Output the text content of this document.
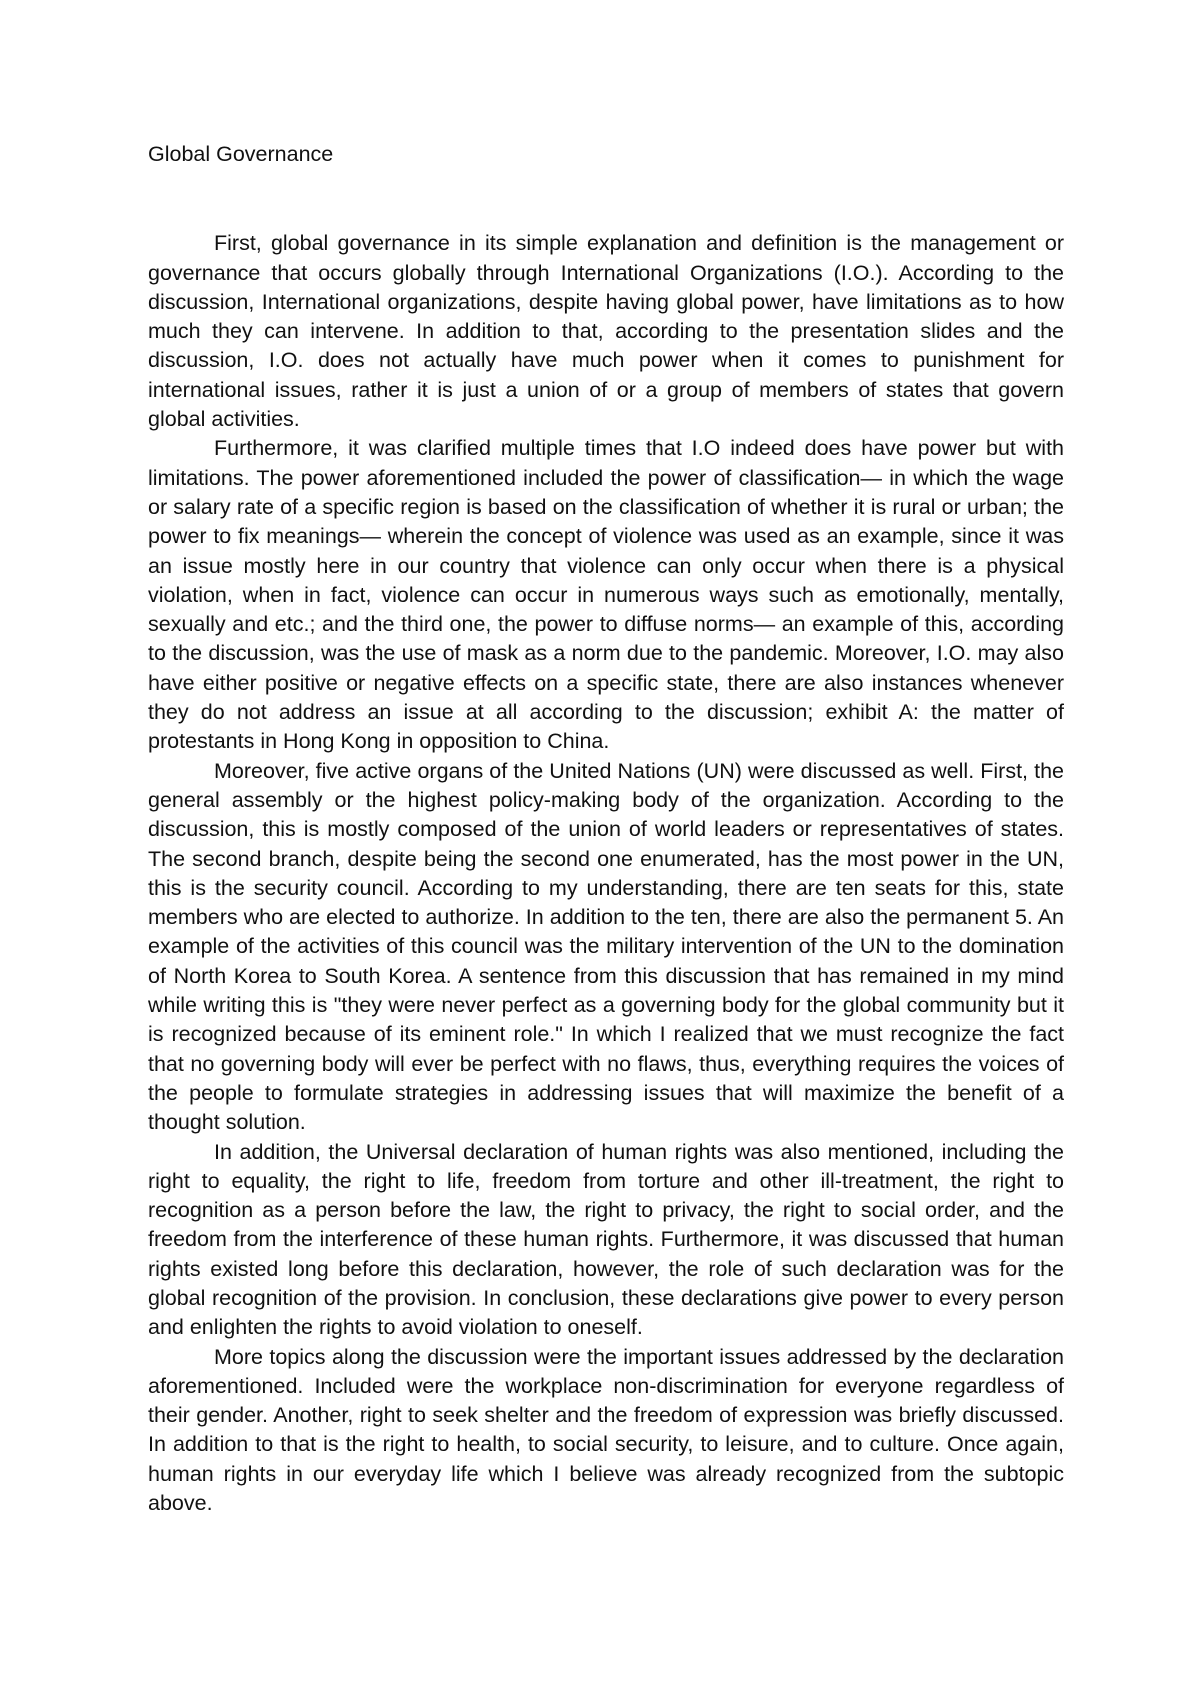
Global Governance

First, global governance in its simple explanation and definition is the management or governance that occurs globally through International Organizations (I.O.). According to the discussion, International organizations, despite having global power, have limitations as to how much they can intervene. In addition to that, according to the presentation slides and the discussion, I.O. does not actually have much power when it comes to punishment for international issues, rather it is just a union of or a group of members of states that govern global activities.

Furthermore, it was clarified multiple times that I.O indeed does have power but with limitations. The power aforementioned included the power of classification— in which the wage or salary rate of a specific region is based on the classification of whether it is rural or urban; the power to fix meanings— wherein the concept of violence was used as an example, since it was an issue mostly here in our country that violence can only occur when there is a physical violation, when in fact, violence can occur in numerous ways such as emotionally, mentally, sexually and etc.; and the third one, the power to diffuse norms— an example of this, according to the discussion, was the use of mask as a norm due to the pandemic. Moreover, I.O. may also have either positive or negative effects on a specific state, there are also instances whenever they do not address an issue at all according to the discussion; exhibit A: the matter of protestants in Hong Kong in opposition to China.

Moreover, five active organs of the United Nations (UN) were discussed as well. First, the general assembly or the highest policy-making body of the organization. According to the discussion, this is mostly composed of the union of world leaders or representatives of states. The second branch, despite being the second one enumerated, has the most power in the UN, this is the security council. According to my understanding, there are ten seats for this, state members who are elected to authorize. In addition to the ten, there are also the permanent 5. An example of the activities of this council was the military intervention of the UN to the domination of North Korea to South Korea. A sentence from this discussion that has remained in my mind while writing this is "they were never perfect as a governing body for the global community but it is recognized because of its eminent role." In which I realized that we must recognize the fact that no governing body will ever be perfect with no flaws, thus, everything requires the voices of the people to formulate strategies in addressing issues that will maximize the benefit of a thought solution.

In addition, the Universal declaration of human rights was also mentioned, including the right to equality, the right to life, freedom from torture and other ill-treatment, the right to recognition as a person before the law, the right to privacy, the right to social order, and the freedom from the interference of these human rights. Furthermore, it was discussed that human rights existed long before this declaration, however, the role of such declaration was for the global recognition of the provision. In conclusion, these declarations give power to every person and enlighten the rights to avoid violation to oneself.

More topics along the discussion were the important issues addressed by the declaration aforementioned. Included were the workplace non-discrimination for everyone regardless of their gender. Another, right to seek shelter and the freedom of expression was briefly discussed. In addition to that is the right to health, to social security, to leisure, and to culture. Once again, human rights in our everyday life which I believe was already recognized from the subtopic above.
